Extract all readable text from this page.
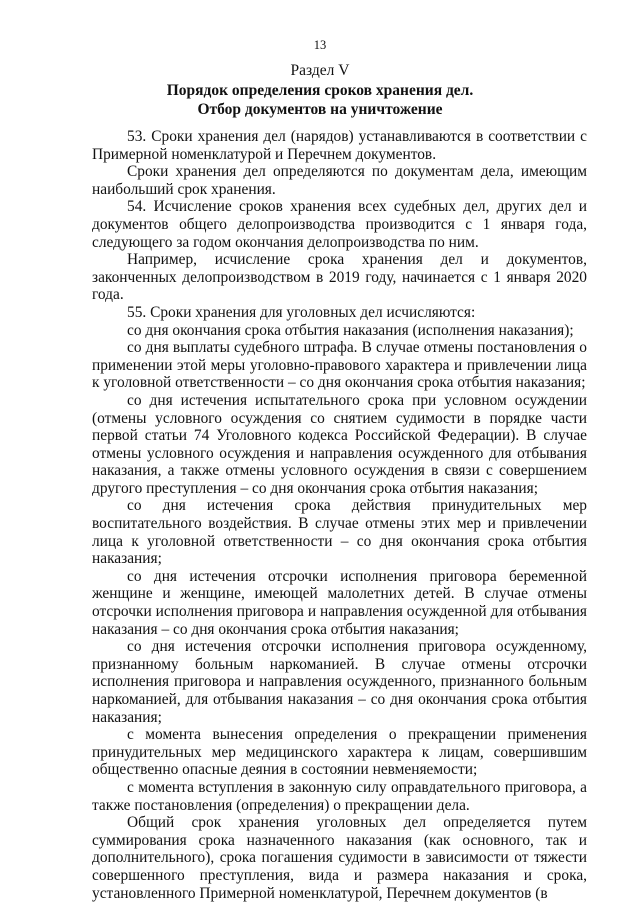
13
Раздел V
Порядок определения сроков хранения дел.
Отбор документов на уничтожение

53. Сроки хранения дел (нарядов) устанавливаются в соответствии с Примерной номенклатурой и Перечнем документов.

Сроки хранения дел определяются по документам дела, имеющим наибольший срок хранения.

54. Исчисление сроков хранения всех судебных дел, других дел и документов общего делопроизводства производится с 1 января года, следующего за годом окончания делопроизводства по ним.

Например, исчисление срока хранения дел и документов, законченных делопроизводством в 2019 году, начинается с 1 января 2020 года.

55. Сроки хранения для уголовных дел исчисляются:

со дня окончания срока отбытия наказания (исполнения наказания);

со дня выплаты судебного штрафа. В случае отмены постановления о применении этой меры уголовно-правового характера и привлечении лица к уголовной ответственности – со дня окончания срока отбытия наказания;

со дня истечения испытательного срока при условном осуждении (отмены условного осуждения со снятием судимости в порядке части первой статьи 74 Уголовного кодекса Российской Федерации). В случае отмены условного осуждения и направления осужденного для отбывания наказания, а также отмены условного осуждения в связи с совершением другого преступления – со дня окончания срока отбытия наказания;

со дня истечения срока действия принудительных мер воспитательного воздействия. В случае отмены этих мер и привлечении лица к уголовной ответственности – со дня окончания срока отбытия наказания;

со дня истечения отсрочки исполнения приговора беременной женщине и женщине, имеющей малолетних детей. В случае отмены отсрочки исполнения приговора и направления осужденной для отбывания наказания – со дня окончания срока отбытия наказания;

со дня истечения отсрочки исполнения приговора осужденному, признанному больным наркоманией. В случае отмены отсрочки исполнения приговора и направления осужденного, признанного больным наркоманией, для отбывания наказания – со дня окончания срока отбытия наказания;

с момента вынесения определения о прекращении применения принудительных мер медицинского характера к лицам, совершившим общественно опасные деяния в состоянии невменяемости;

с момента вступления в законную силу оправдательного приговора, а также постановления (определения) о прекращении дела.

Общий срок хранения уголовных дел определяется путем суммирования срока назначенного наказания (как основного, так и дополнительного), срока погашения судимости в зависимости от тяжести совершенного преступления, вида и размера наказания и срока, установленного Примерной номенклатурой, Перечнем документов (в
